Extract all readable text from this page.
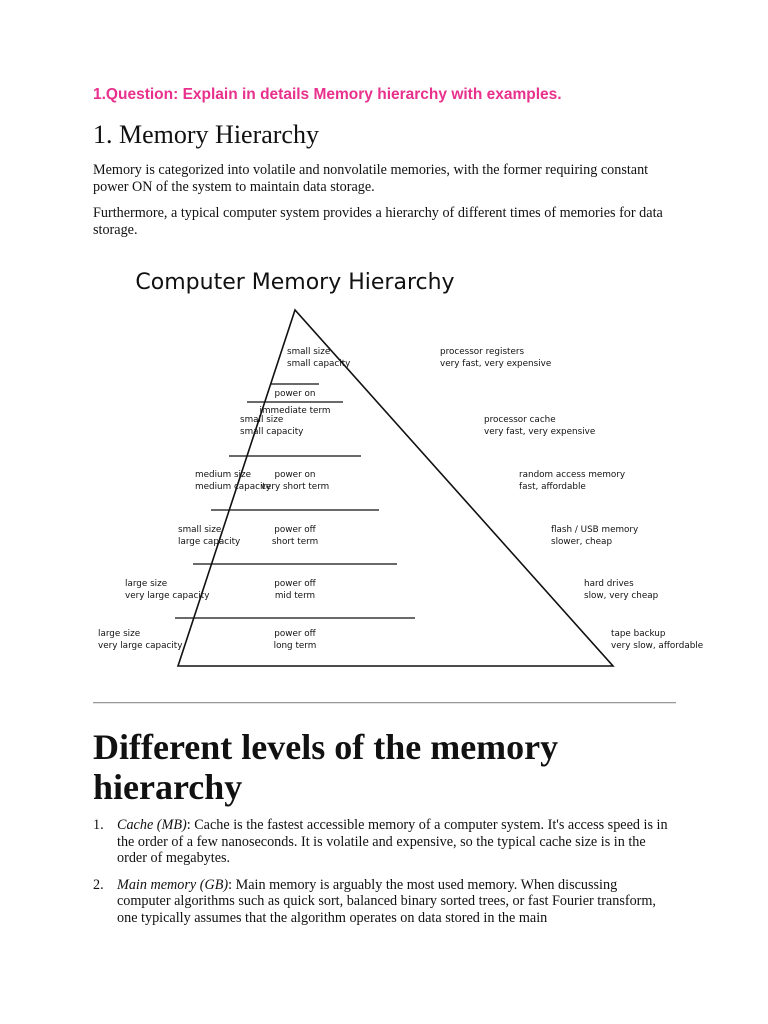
1.Question: Explain in details Memory hierarchy with examples.

1. Memory Hierarchy

Memory is categorized into volatile and nonvolatile memories, with the former requiring constant power ON of the system to maintain data storage.

Furthermore, a typical computer system provides a hierarchy of different times of memories for data storage.

Computer Memory Hierarchy
small size
small capacity
processor registers
very fast, very expensive
power on
immediate term
small size
small capacity
processor cache
very fast, very expensive
medium size
medium capacity
random access memory
fast, affordable
power on
very short term
small size
large capacity
flash / USB memory
slower, cheap
power off
short term
large size
very large capacity
hard drives
slow, very cheap
power off
mid term
large size
very large capacity
tape backup
very slow, affordable
power off
long term
Different levels of the memory hierarchy
1. Cache (MB): Cache is the fastest accessible memory of a computer system. It's access speed is in the order of a few nanoseconds. It is volatile and expensive, so the typical cache size is in the order of megabytes.
2. Main memory (GB): Main memory is arguably the most used memory. When discussing computer algorithms such as quick sort, balanced binary sorted trees, or fast Fourier transform, one typically assumes that the algorithm operates on data stored in the main
